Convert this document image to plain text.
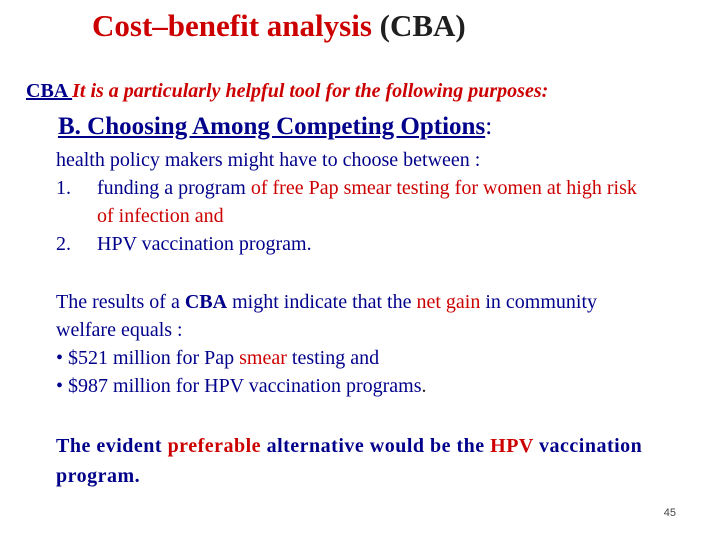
Cost–benefit analysis (CBA)
CBA It is a particularly helpful tool for the following purposes:
B. Choosing Among Competing Options:
health policy makers might have to choose between :
1.	funding a program of free Pap smear testing for women at high risk of infection and
2.	HPV vaccination program.
The results of a CBA might indicate that the net gain in community welfare equals :
• $521 million for Pap smear testing and
• $987 million for HPV vaccination programs.
The evident preferable alternative would be the HPV vaccination program.
45
